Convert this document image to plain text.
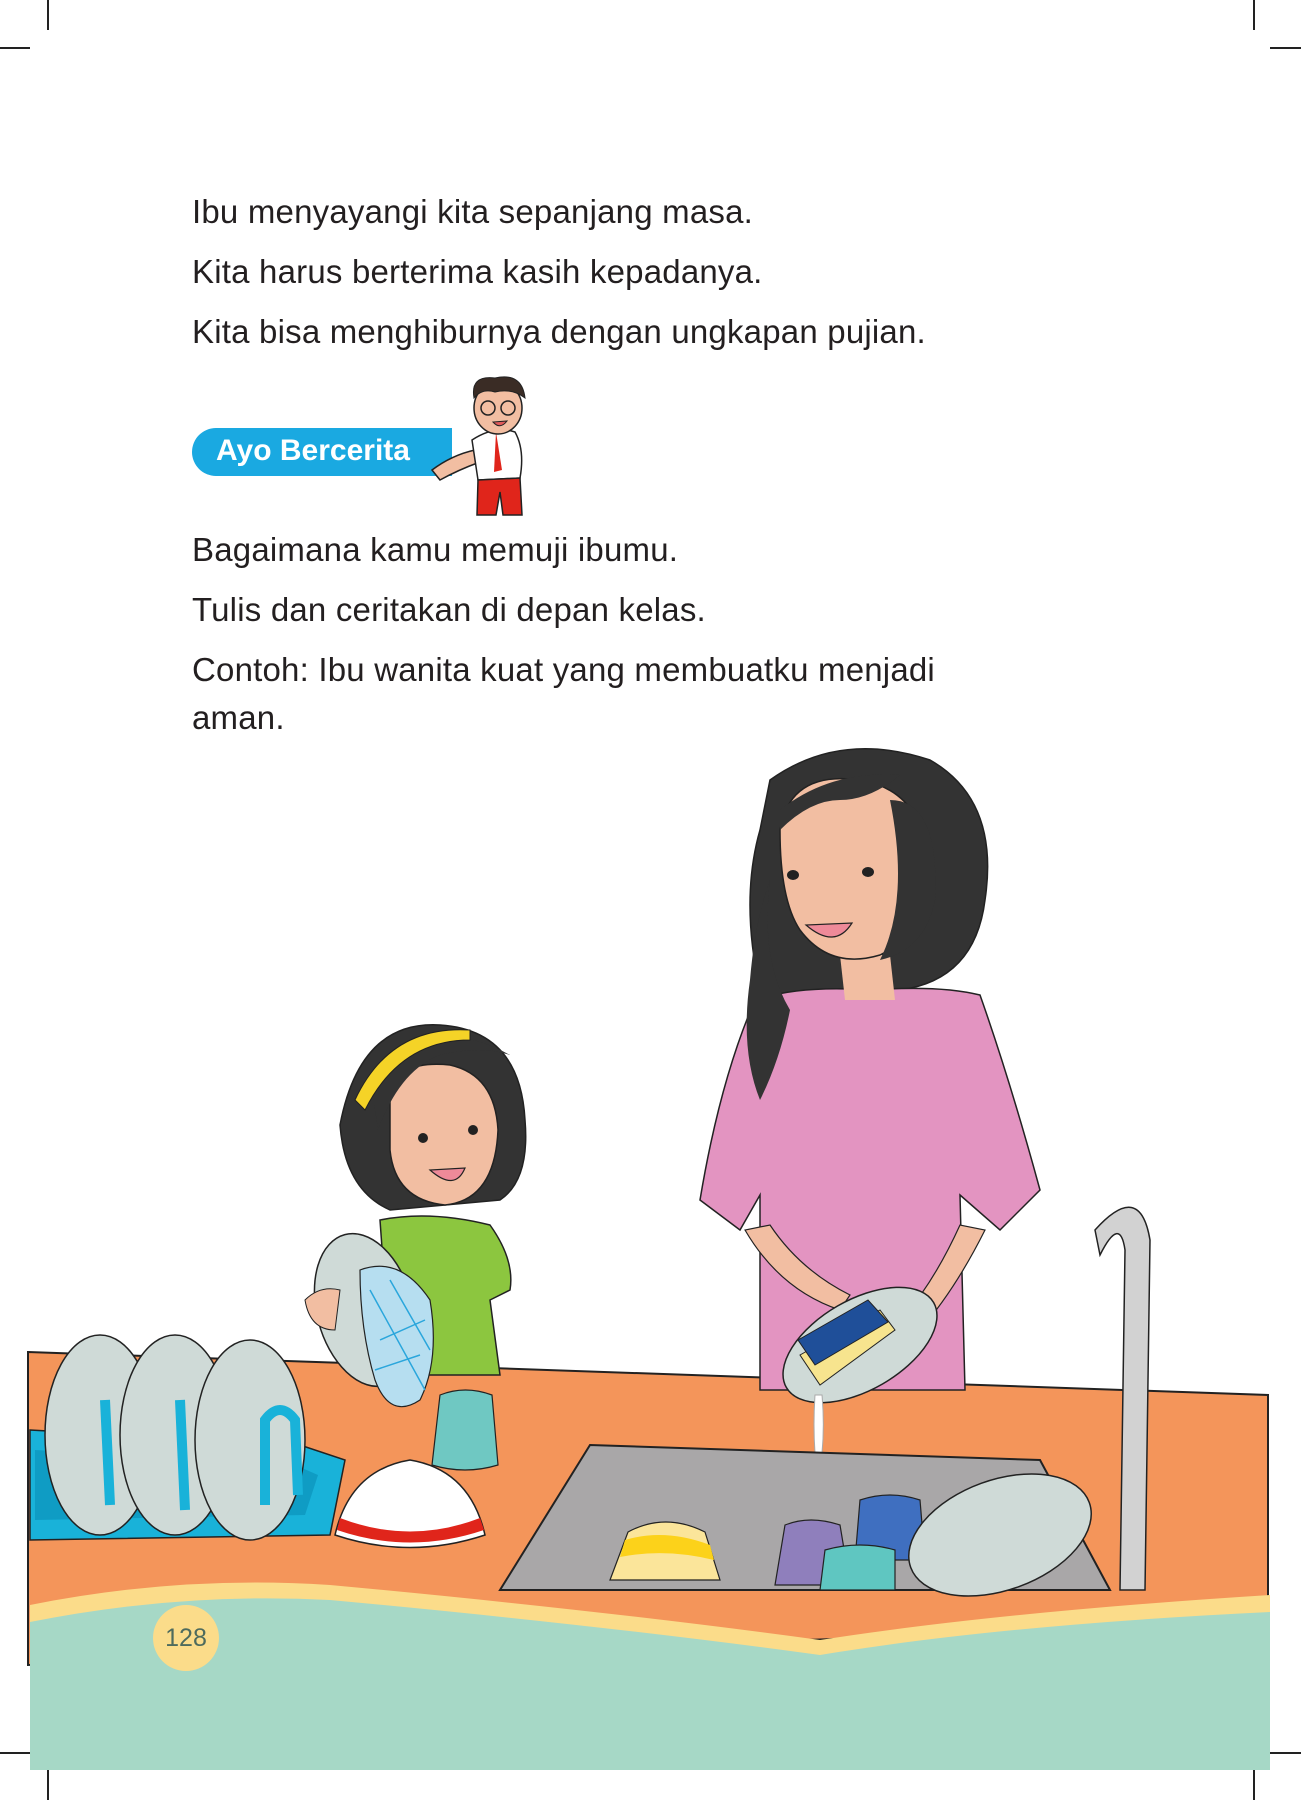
Ibu menyayangi kita sepanjang masa.
Kita harus berterima kasih kepadanya.
Kita bisa menghiburnya dengan ungkapan pujian.
Ayo Bercerita
Bagaimana kamu memuji ibumu.
Tulis dan ceritakan di depan kelas.
Contoh: Ibu wanita kuat yang membuatku menjadi
aman.
128
